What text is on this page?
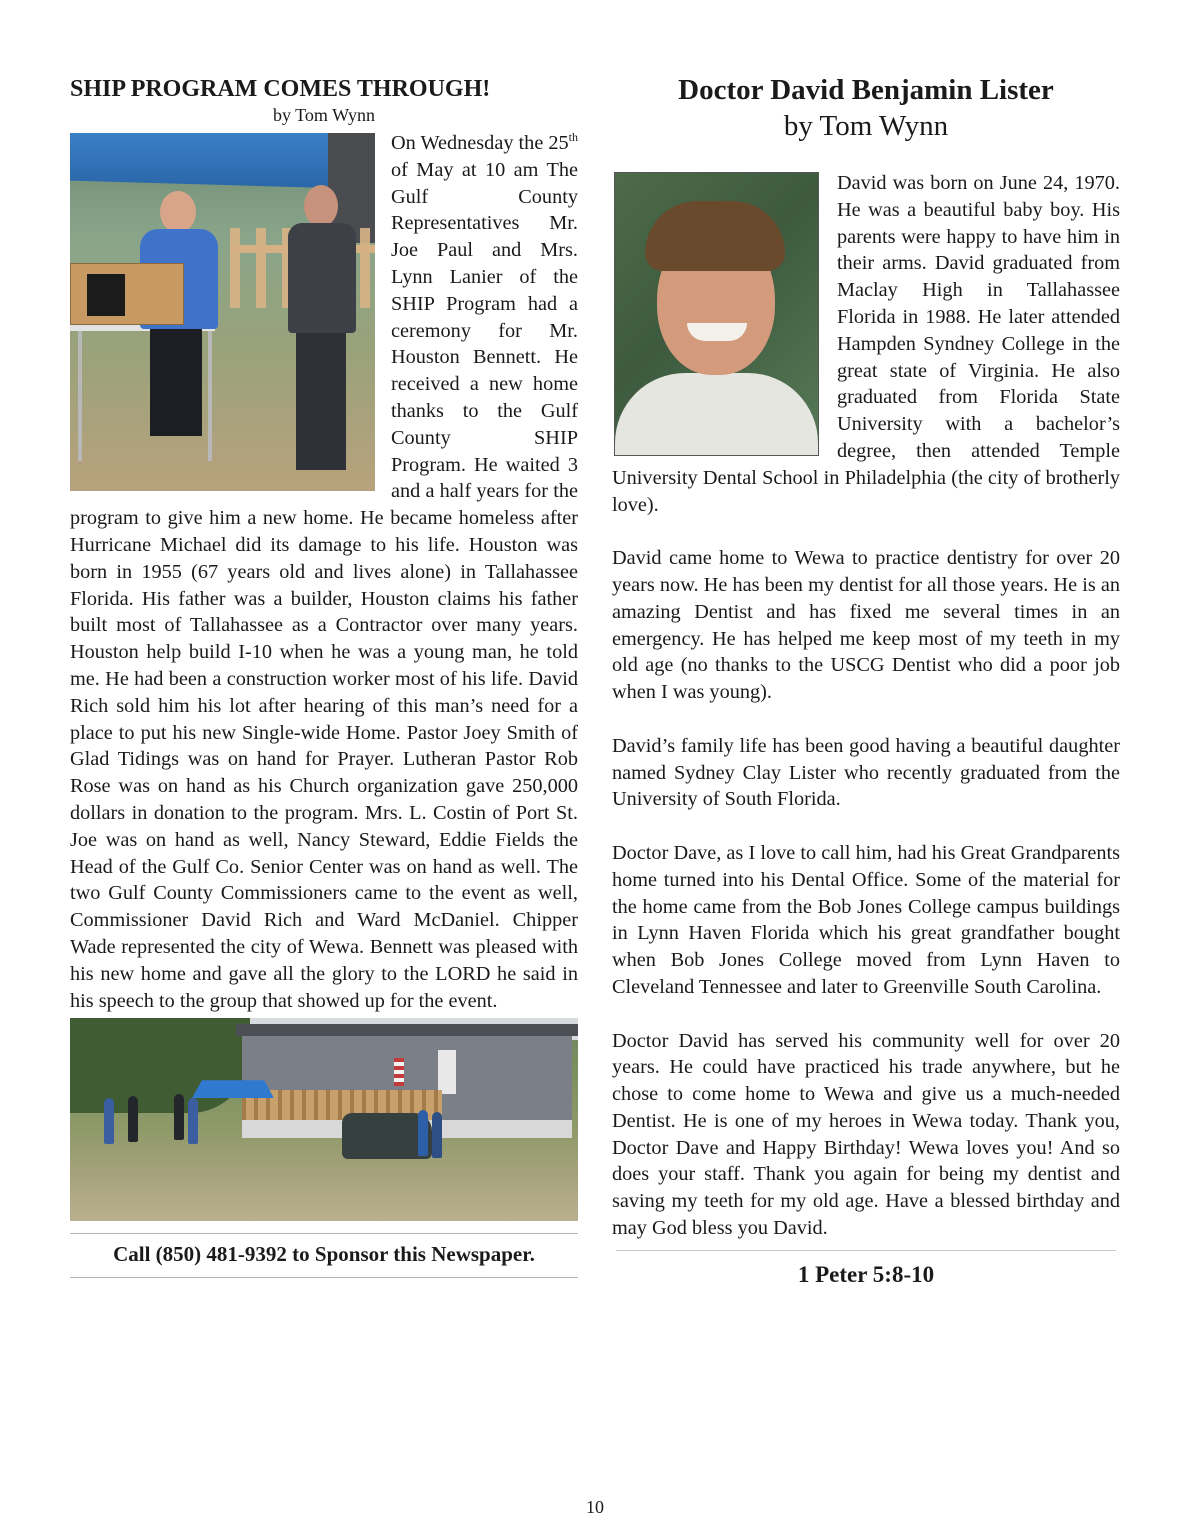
SHIP PROGRAM COMES THROUGH!
by Tom Wynn

On Wednesday the 25th of May at 10 am The Gulf County Representatives Mr. Joe Paul and Mrs. Lynn Lanier of the SHIP Program had a ceremony for Mr. Houston Bennett. He received a new home thanks to the Gulf County SHIP Program. He waited 3 and a half years for the program to give him a new home. He became homeless after Hurricane Michael did its damage to his life. Houston was born in 1955 (67 years old and lives alone) in Tallahassee Florida. His father was a builder, Houston claims his father built most of Tallahassee as a Contractor over many years. Houston help build I-10 when he was a young man, he told me. He had been a construction worker most of his life. David Rich sold him his lot after hearing of this man’s need for a place to put his new Single-wide Home. Pastor Joey Smith of Glad Tidings was on hand for Prayer. Lutheran Pastor Rob Rose was on hand as his Church organization gave 250,000 dollars in donation to the program. Mrs. L. Costin of Port St. Joe was on hand as well, Nancy Steward, Eddie Fields the Head of the Gulf Co. Senior Center was on hand as well. The two Gulf County Commissioners came to the event as well, Commissioner David Rich and Ward McDaniel. Chipper Wade represented the city of Wewa. Bennett was pleased with his new home and gave all the glory to the LORD he said in his speech to the group that showed up for the event.

Call (850) 481-9392 to Sponsor this Newspaper.
Doctor David Benjamin Lister
by Tom Wynn

David was born on June 24, 1970. He was a beautiful baby boy. His parents were happy to have him in their arms. David graduated from Maclay High in Tallahassee Florida in 1988. He later attended Hampden Syndney College in the great state of Virginia. He also graduated from Florida State University with a bachelor’s degree, then attended Temple University Dental School in Philadelphia (the city of brotherly love).

David came home to Wewa to practice dentistry for over 20 years now. He has been my dentist for all those years. He is an amazing Dentist and has fixed me several times in an emergency. He has helped me keep most of my teeth in my old age (no thanks to the USCG Dentist who did a poor job when I was young).

David’s family life has been good having a beautiful daughter named Sydney Clay Lister who recently graduated from the University of South Florida.

Doctor Dave, as I love to call him, had his Great Grandparents home turned into his Dental Office. Some of the material for the home came from the Bob Jones College campus buildings in Lynn Haven Florida which his great grandfather bought when Bob Jones College moved from Lynn Haven to Cleveland Tennessee and later to Greenville South Carolina.

Doctor David has served his community well for over 20 years. He could have practiced his trade anywhere, but he chose to come home to Wewa and give us a much-needed Dentist. He is one of my heroes in Wewa today. Thank you, Doctor Dave and Happy Birthday! Wewa loves you! And so does your staff. Thank you again for being my dentist and saving my teeth for my old age. Have a blessed birthday and may God bless you David.

1 Peter 5:8-10
10
